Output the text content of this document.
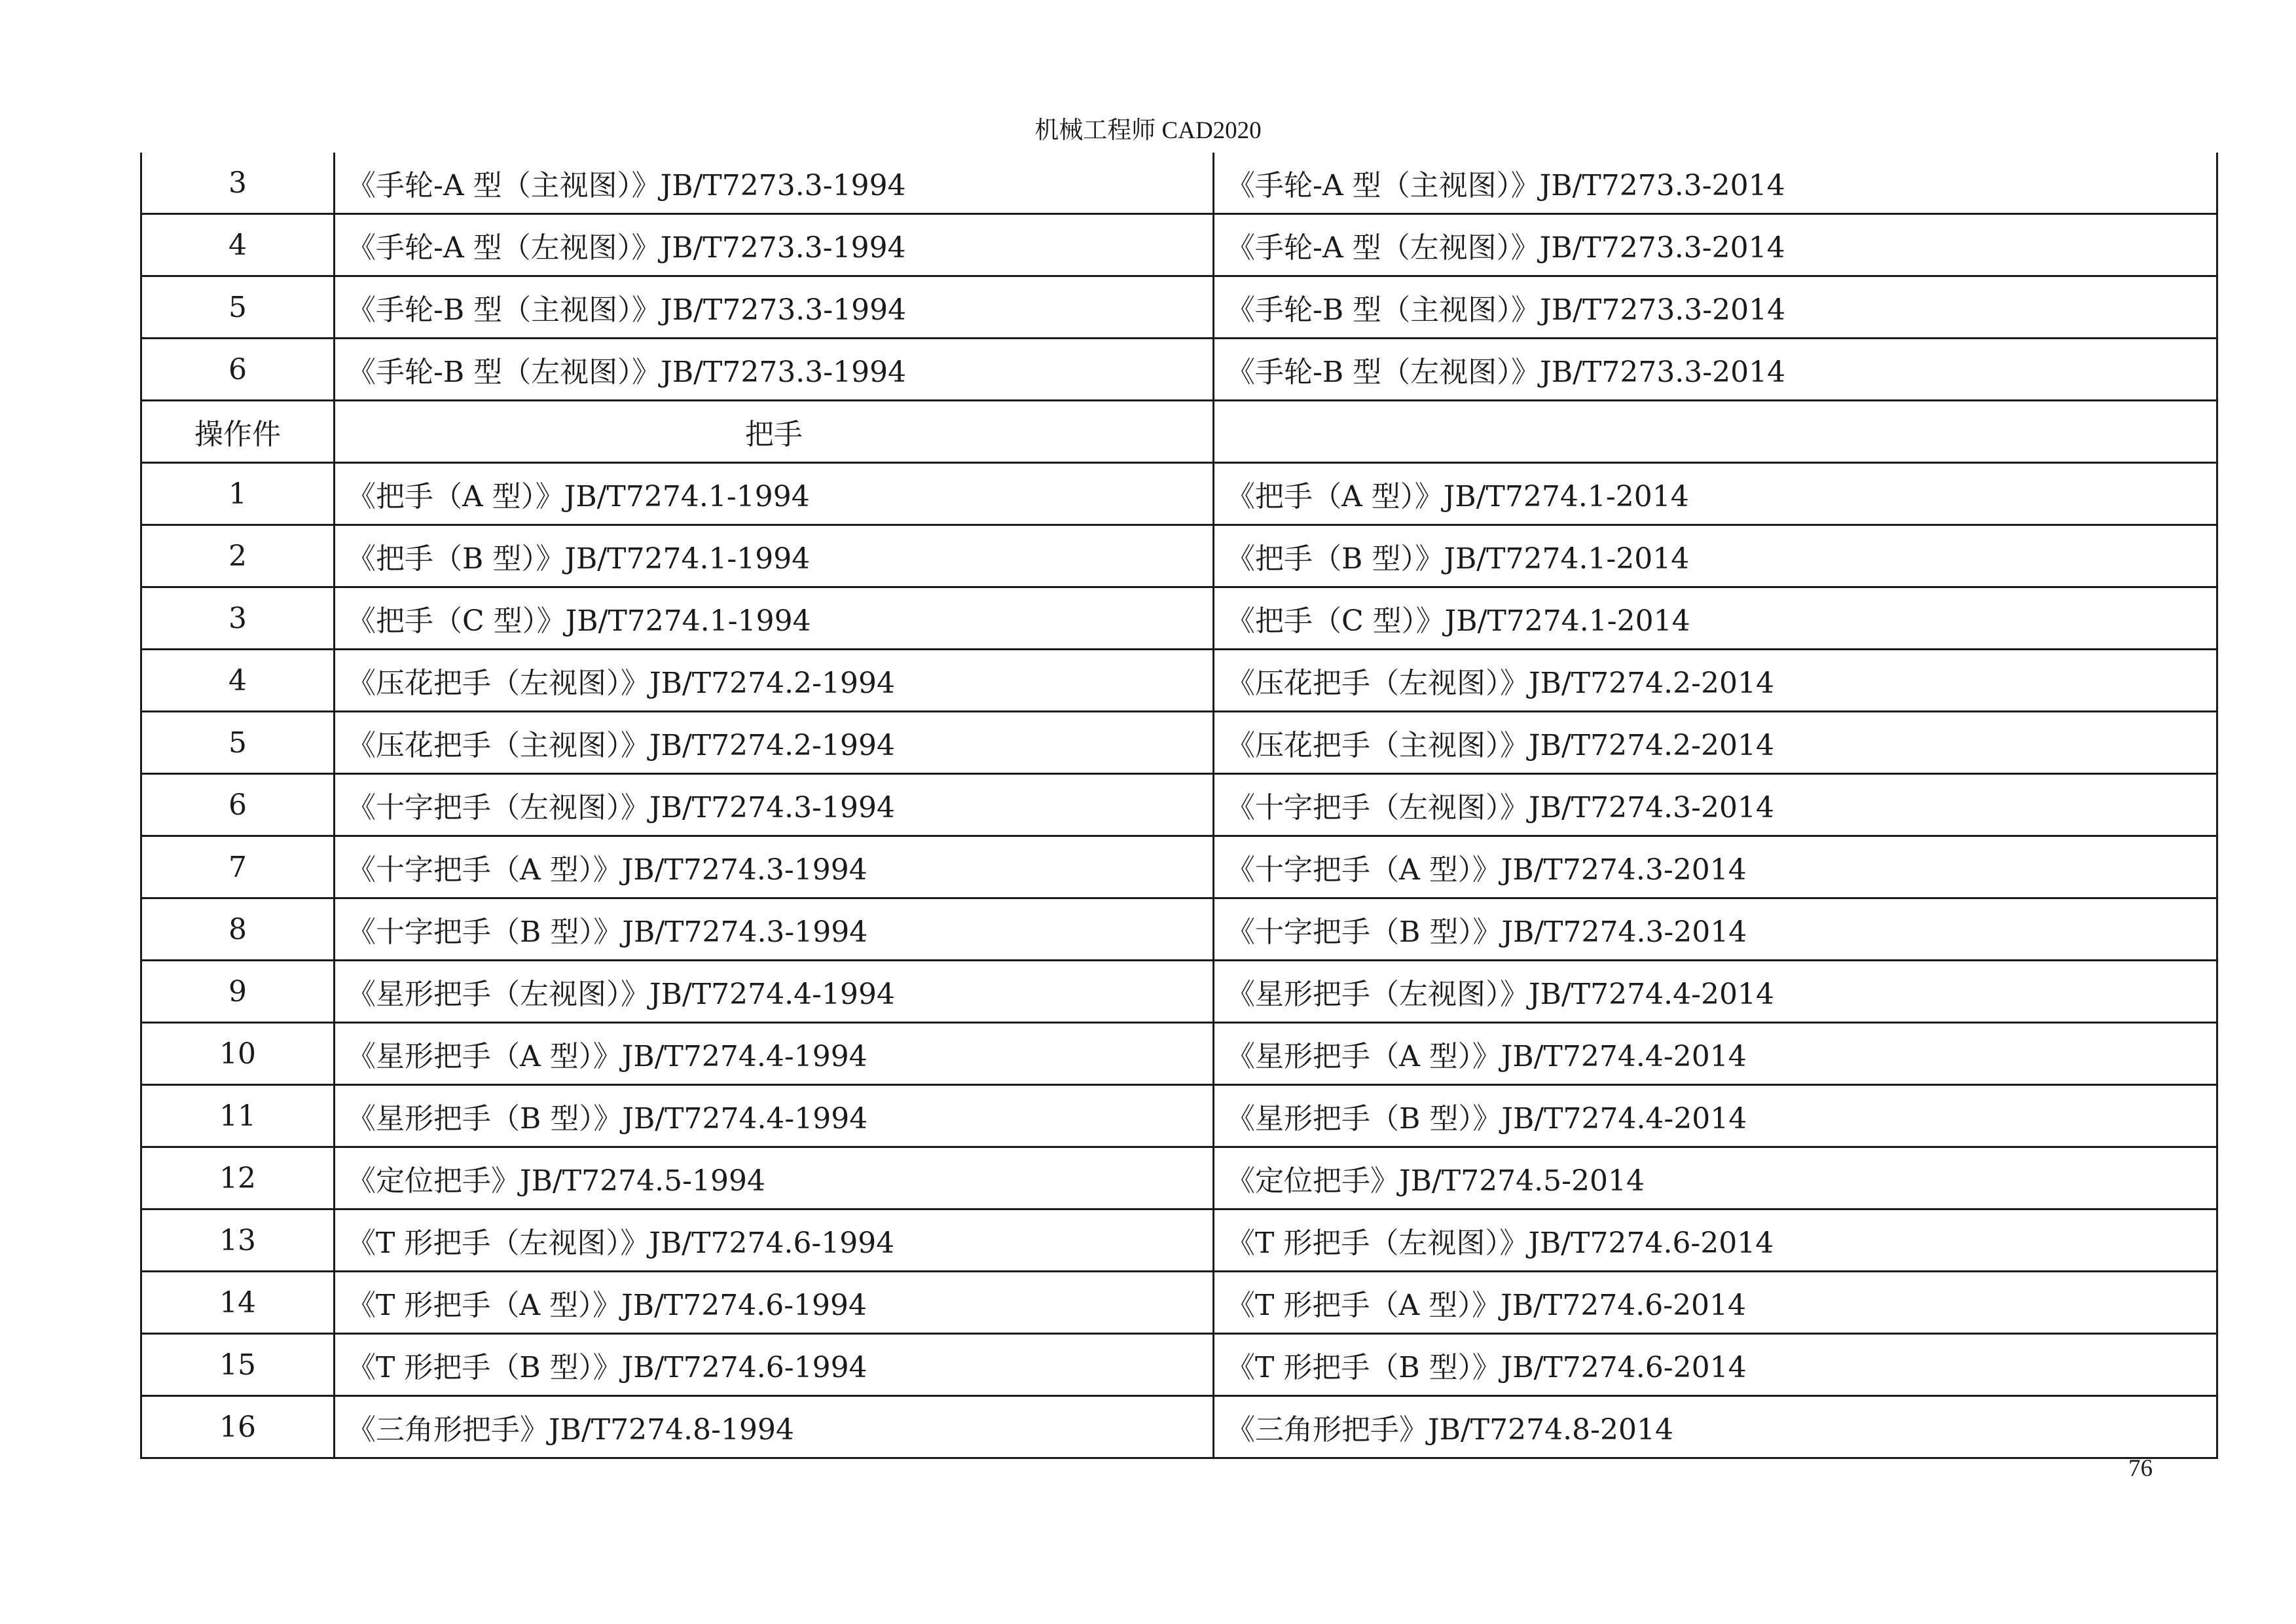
机械工程师 CAD2020
3	《手轮-A 型（主视图）》JB/T7273.3-1994	《手轮-A 型（主视图）》JB/T7273.3-2014
4	《手轮-A 型（左视图）》JB/T7273.3-1994	《手轮-A 型（左视图）》JB/T7273.3-2014
5	《手轮-B 型（主视图）》JB/T7273.3-1994	《手轮-B 型（主视图）》JB/T7273.3-2014
6	《手轮-B 型（左视图）》JB/T7273.3-1994	《手轮-B 型（左视图）》JB/T7273.3-2014
操作件	把手	
1	《把手（A 型）》JB/T7274.1-1994	《把手（A 型）》JB/T7274.1-2014
2	《把手（B 型）》JB/T7274.1-1994	《把手（B 型）》JB/T7274.1-2014
3	《把手（C 型）》JB/T7274.1-1994	《把手（C 型）》JB/T7274.1-2014
4	《压花把手（左视图）》JB/T7274.2-1994	《压花把手（左视图）》JB/T7274.2-2014
5	《压花把手（主视图）》JB/T7274.2-1994	《压花把手（主视图）》JB/T7274.2-2014
6	《十字把手（左视图）》JB/T7274.3-1994	《十字把手（左视图）》JB/T7274.3-2014
7	《十字把手（A 型）》JB/T7274.3-1994	《十字把手（A 型）》JB/T7274.3-2014
8	《十字把手（B 型）》JB/T7274.3-1994	《十字把手（B 型）》JB/T7274.3-2014
9	《星形把手（左视图）》JB/T7274.4-1994	《星形把手（左视图）》JB/T7274.4-2014
10	《星形把手（A 型）》JB/T7274.4-1994	《星形把手（A 型）》JB/T7274.4-2014
11	《星形把手（B 型）》JB/T7274.4-1994	《星形把手（B 型）》JB/T7274.4-2014
12	《定位把手》JB/T7274.5-1994	《定位把手》JB/T7274.5-2014
13	《T 形把手（左视图）》JB/T7274.6-1994	《T 形把手（左视图）》JB/T7274.6-2014
14	《T 形把手（A 型）》JB/T7274.6-1994	《T 形把手（A 型）》JB/T7274.6-2014
15	《T 形把手（B 型）》JB/T7274.6-1994	《T 形把手（B 型）》JB/T7274.6-2014
16	《三角形把手》JB/T7274.8-1994	《三角形把手》JB/T7274.8-2014
76
